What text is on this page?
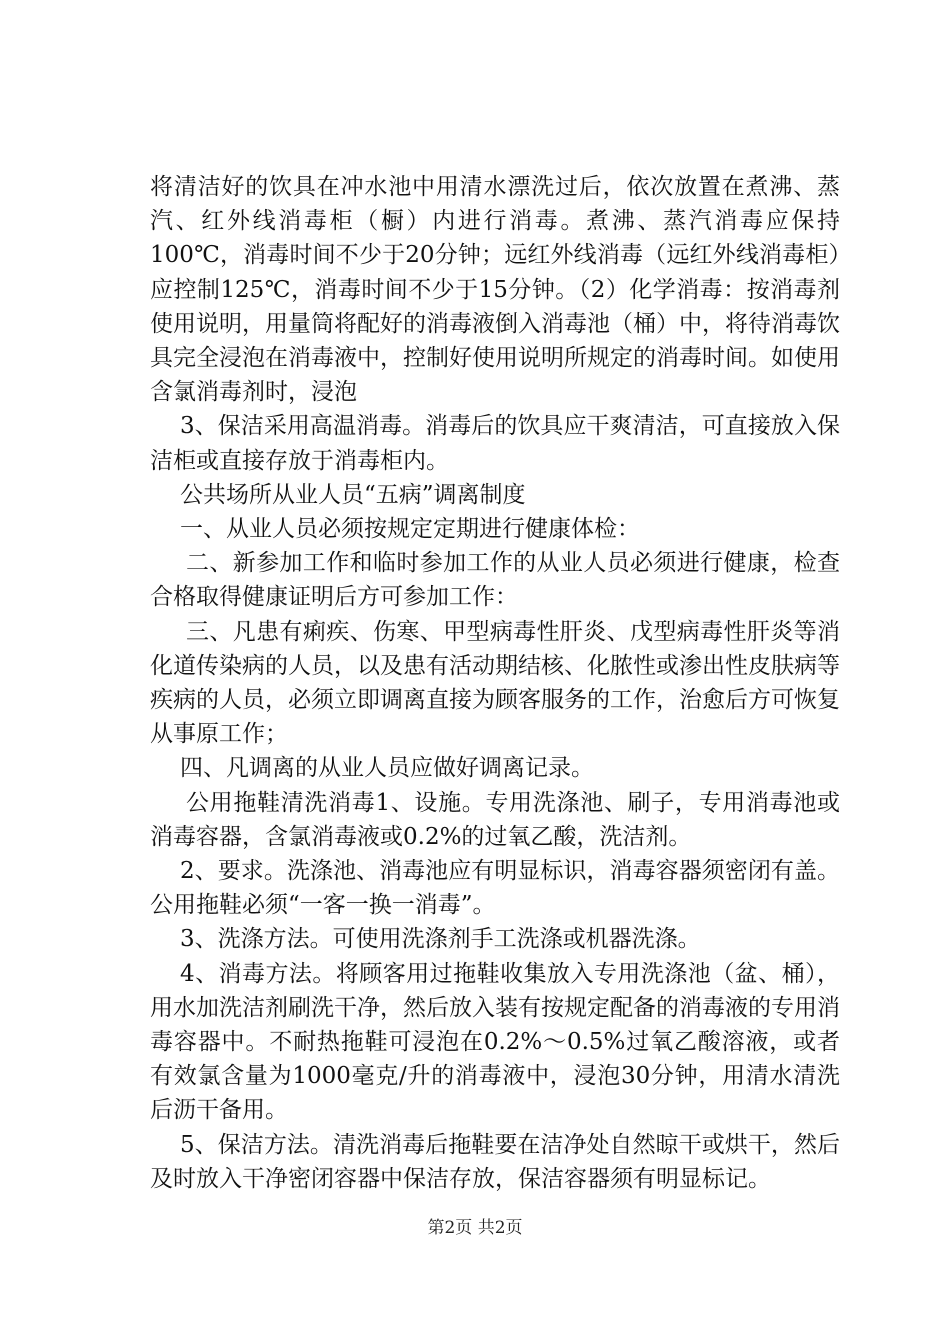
将清洁好的饮具在冲水池中用清水漂洗过后，依次放置在煮沸、蒸汽、红外线消毒柜（橱）内进行消毒。煮沸、蒸汽消毒应保持100℃，消毒时间不少于20分钟；远红外线消毒（远红外线消毒柜）应控制125℃，消毒时间不少于15分钟。（2）化学消毒：按消毒剂使用说明，用量筒将配好的消毒液倒入消毒池（桶）中，将待消毒饮具完全浸泡在消毒液中，控制好使用说明所规定的消毒时间。如使用含氯消毒剂时，浸泡

3、保洁采用高温消毒。消毒后的饮具应干爽清洁，可直接放入保洁柜或直接存放于消毒柜内。

公共场所从业人员“五病”调离制度

一、从业人员必须按规定定期进行健康体检：

二、新参加工作和临时参加工作的从业人员必须进行健康，检查合格取得健康证明后方可参加工作：

三、凡患有痢疾、伤寒、甲型病毒性肝炎、戊型病毒性肝炎等消化道传染病的人员，以及患有活动期结核、化脓性或渗出性皮肤病等疾病的人员，必须立即调离直接为顾客服务的工作，治愈后方可恢复从事原工作；

四、凡调离的从业人员应做好调离记录。

公用拖鞋清洗消毒1、设施。专用洗涤池、刷子，专用消毒池或消毒容器，含氯消毒液或0.2%的过氧乙酸，洗洁剂。

2、要求。洗涤池、消毒池应有明显标识，消毒容器须密闭有盖。公用拖鞋必须“一客一换一消毒”。

3、洗涤方法。可使用洗涤剂手工洗涤或机器洗涤。

4、消毒方法。将顾客用过拖鞋收集放入专用洗涤池（盆、桶），用水加洗洁剂刷洗干净，然后放入装有按规定配备的消毒液的专用消毒容器中。不耐热拖鞋可浸泡在0.2%～0.5%过氧乙酸溶液，或者有效氯含量为1000毫克/升的消毒液中，浸泡30分钟，用清水清洗后沥干备用。

5、保洁方法。清洗消毒后拖鞋要在洁净处自然晾干或烘干，然后及时放入干净密闭容器中保洁存放，保洁容器须有明显标记。

第2页 共2页
